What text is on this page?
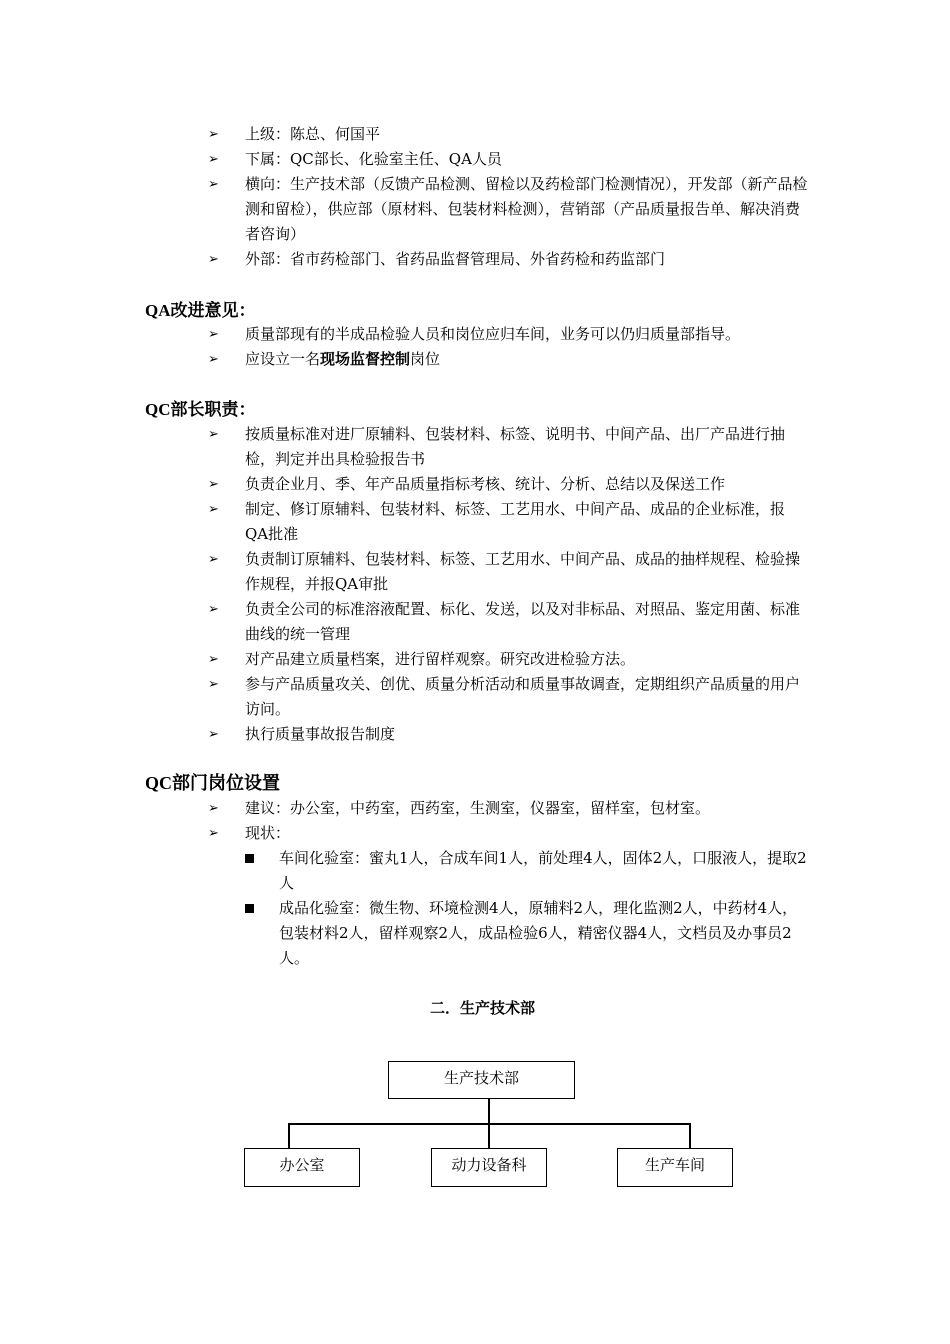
➢ 上级：陈总、何国平
➢ 下属：QC部长、化验室主任、QA人员
➢ 横向：生产技术部（反馈产品检测、留检以及药检部门检测情况），开发部（新产品检测和留检），供应部（原材料、包装材料检测），营销部（产品质量报告单、解决消费者咨询）
➢ 外部：省市药检部门、省药品监督管理局、外省药检和药监部门
QA改进意见：
➢ 质量部现有的半成品检验人员和岗位应归车间，业务可以仍归质量部指导。
➢ 应设立一名现场监督控制岗位
QC部长职责：
➢ 按质量标准对进厂原辅料、包装材料、标签、说明书、中间产品、出厂产品进行抽检，判定并出具检验报告书
➢ 负责企业月、季、年产品质量指标考核、统计、分析、总结以及保送工作
➢ 制定、修订原辅料、包装材料、标签、工艺用水、中间产品、成品的企业标准，报QA批准
➢ 负责制订原辅料、包装材料、标签、工艺用水、中间产品、成品的抽样规程、检验操作规程，并报QA审批
➢ 负责全公司的标准溶液配置、标化、发送，以及对非标品、对照品、鉴定用菌、标准曲线的统一管理
➢ 对产品建立质量档案，进行留样观察。研究改进检验方法。
➢ 参与产品质量攻关、创优、质量分析活动和质量事故调查，定期组织产品质量的用户访问。
➢ 执行质量事故报告制度
QC部门岗位设置
➢ 建议：办公室，中药室，西药室，生测室，仪器室，留样室，包材室。
➢ 现状：
车间化验室：蜜丸1人，合成车间1人，前处理4人，固体2人，口服液人，提取2人
成品化验室：微生物、环境检测4人，原辅料2人，理化监测2人，中药材4人，包装材料2人，留样观察2人，成品检验6人，精密仪器4人，文档员及办事员2人。
二．生产技术部
生产技术部
办公室	动力设备科	生产车间
